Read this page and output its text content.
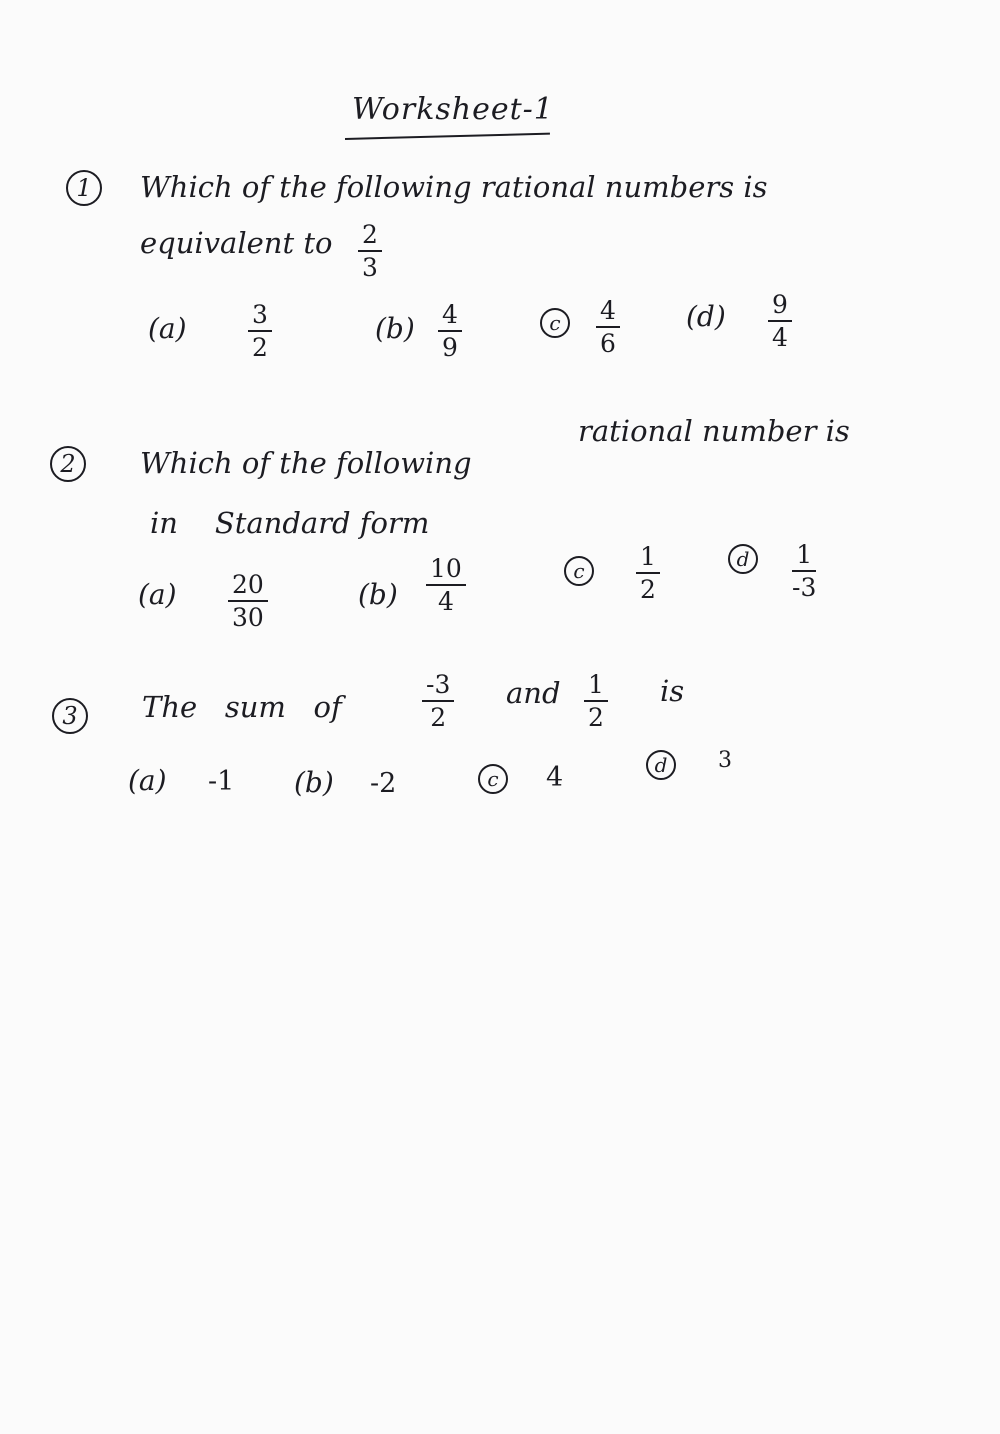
Worksheet-1
1	Which of the following rational numbers is
equivalent to $\frac{2}{3}$
$(a) \frac{3}{2}$	$(b) \frac{4}{9}$	c	$\frac{4}{6} (d) \frac{9}{4}$
2	Which of the following
rational number is
in    Standard form
$(a) \frac{20}{30}$	$(b) \frac{10}{4}$	c	$\frac{1}{2}$	d	$\frac{1}{-3}$
3	The   sum   of	$\frac{-3}{2}$ and $\frac{1}{2}$ is
(a) -1 (b) -2	c	4	d	3
